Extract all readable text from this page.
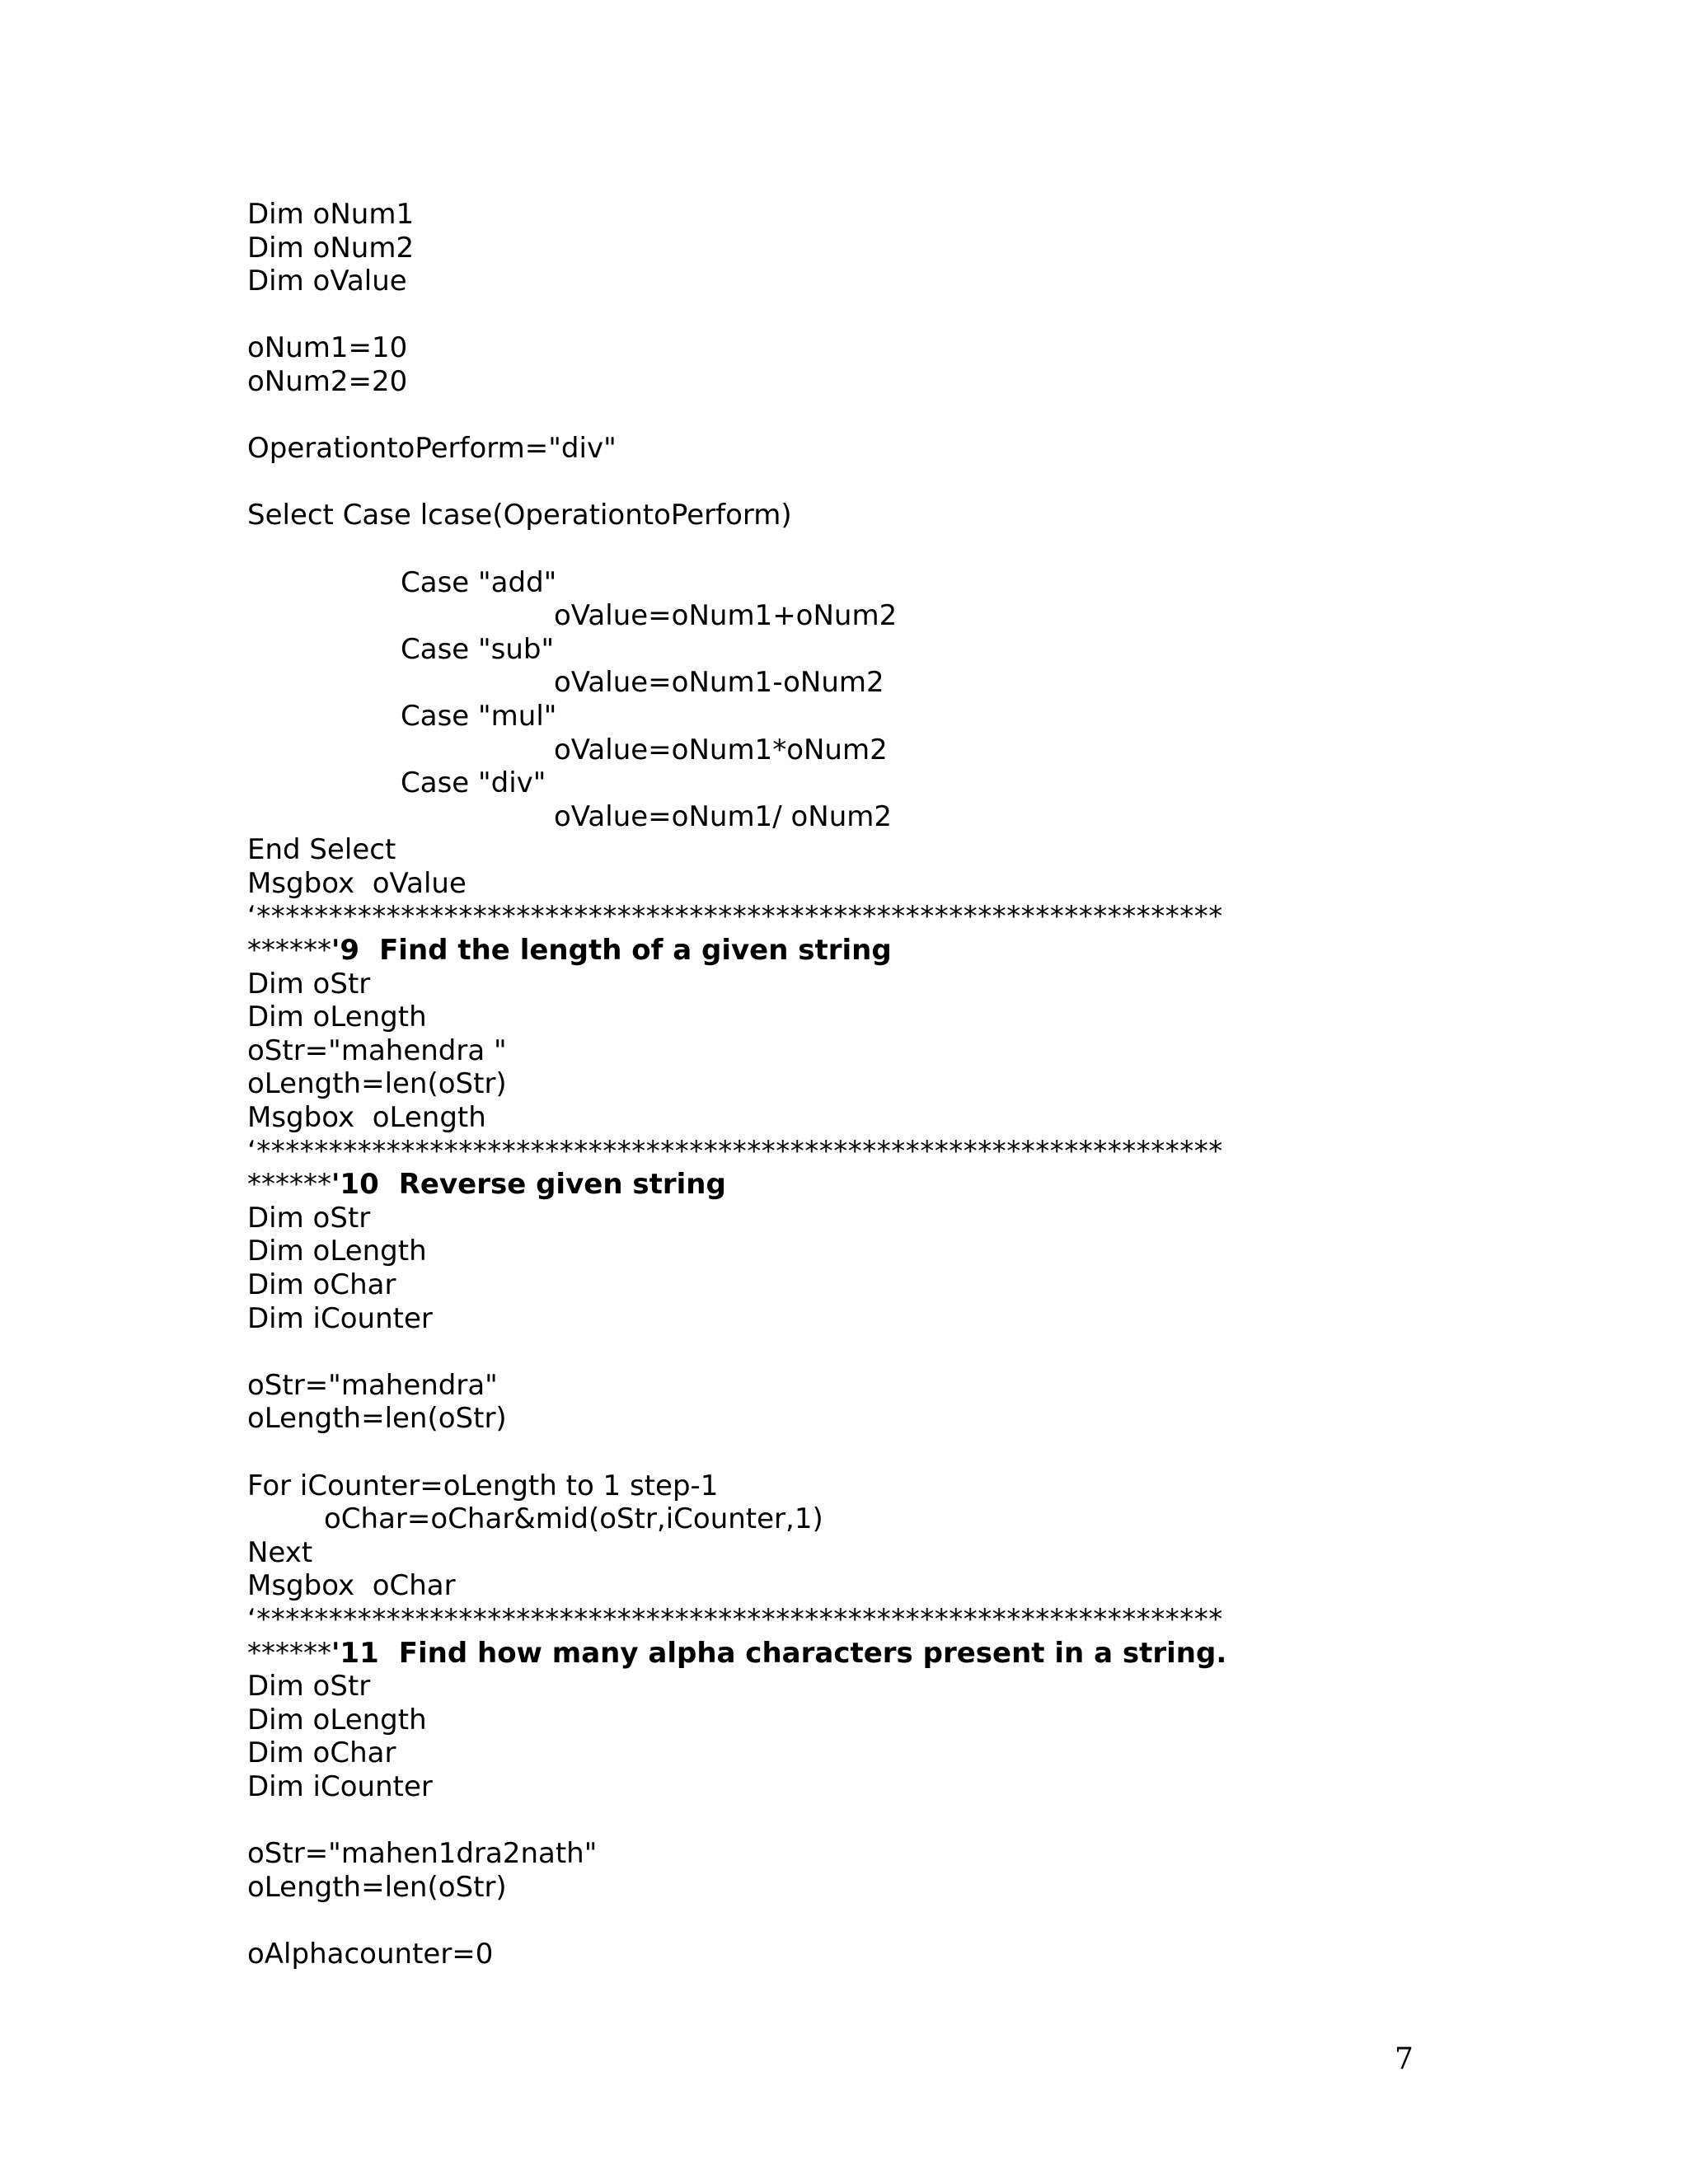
Dim oNum1
Dim oNum2
Dim oValue
oNum1=10
oNum2=20
OperationtoPerform="div"
Select Case lcase(OperationtoPerform)
Case "add"
oValue=oNum1+oNum2
Case "sub"
oValue=oNum1-oNum2
Case "mul"
oValue=oNum1*oNum2
Case "div"
oValue=oNum1/ oNum2
End Select
Msgbox  oValue
‘*******************************************************************
******'9 Find the length of a given string
Dim oStr
Dim oLength
oStr="mahendra "
oLength=len(oStr)
Msgbox  oLength
‘*******************************************************************
******'10 Reverse given string
Dim oStr
Dim oLength
Dim oChar
Dim iCounter
oStr="mahendra"
oLength=len(oStr)
For iCounter=oLength to 1 step-1
oChar=oChar&mid(oStr,iCounter,1)
Next
Msgbox  oChar
‘*******************************************************************
******'11 Find how many alpha characters present in a string.
Dim oStr
Dim oLength
Dim oChar
Dim iCounter
oStr="mahen1dra2nath"
oLength=len(oStr)
oAlphacounter=0
7
